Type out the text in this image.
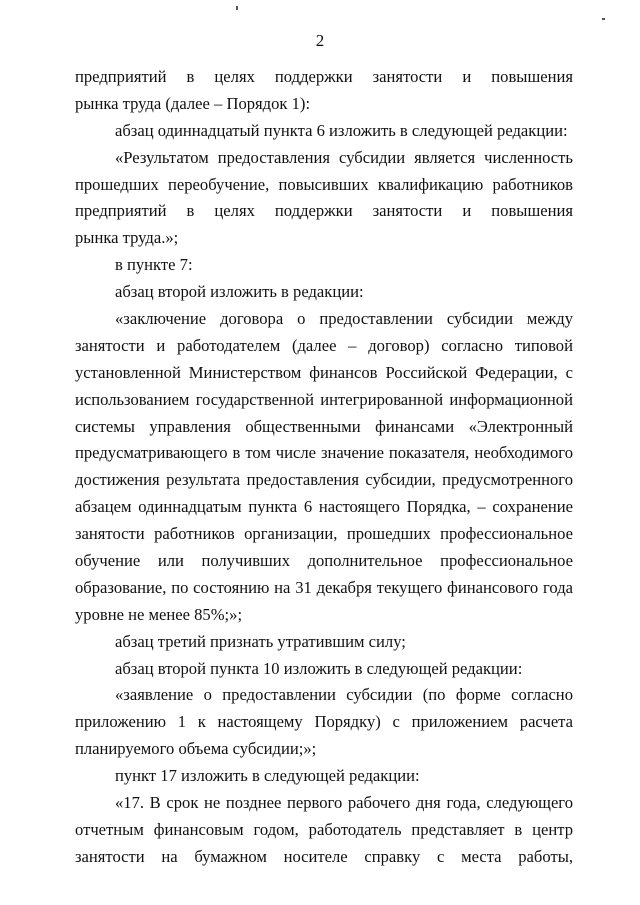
2
предприятий в целях поддержки занятости и повышения
рынка труда (далее – Порядок 1):
абзац одиннадцатый пункта 6 изложить в следующей редакции:
«Результатом предоставления субсидии является численность
прошедших переобучение, повысивших квалификацию работников
предприятий в целях поддержки занятости и повышения
рынка труда.»;
в пункте 7:
абзац второй изложить в редакции:
«заключение договора о предоставлении субсидии между
занятости и работодателем (далее – договор) согласно типовой
установленной Министерством финансов Российской Федерации, с
использованием государственной интегрированной информационной
системы управления общественными финансами «Электронный
предусматривающего в том числе значение показателя, необходимого
достижения результата предоставления субсидии, предусмотренного
абзацем одиннадцатым пункта 6 настоящего Порядка, – сохранение
занятости работников организации, прошедших профессиональное
обучение или получивших дополнительное профессиональное
образование, по состоянию на 31 декабря текущего финансового года
уровне не менее 85%;»;
абзац третий признать утратившим силу;
абзац второй пункта 10 изложить в следующей редакции:
«заявление о предоставлении субсидии (по форме согласно
приложению 1 к настоящему Порядку) с приложением расчета
планируемого объема субсидии;»;
пункт 17 изложить в следующей редакции:
«17. В срок не позднее первого рабочего дня года, следующего
отчетным финансовым годом, работодатель представляет в центр
занятости на бумажном носителе справку с места работы,
